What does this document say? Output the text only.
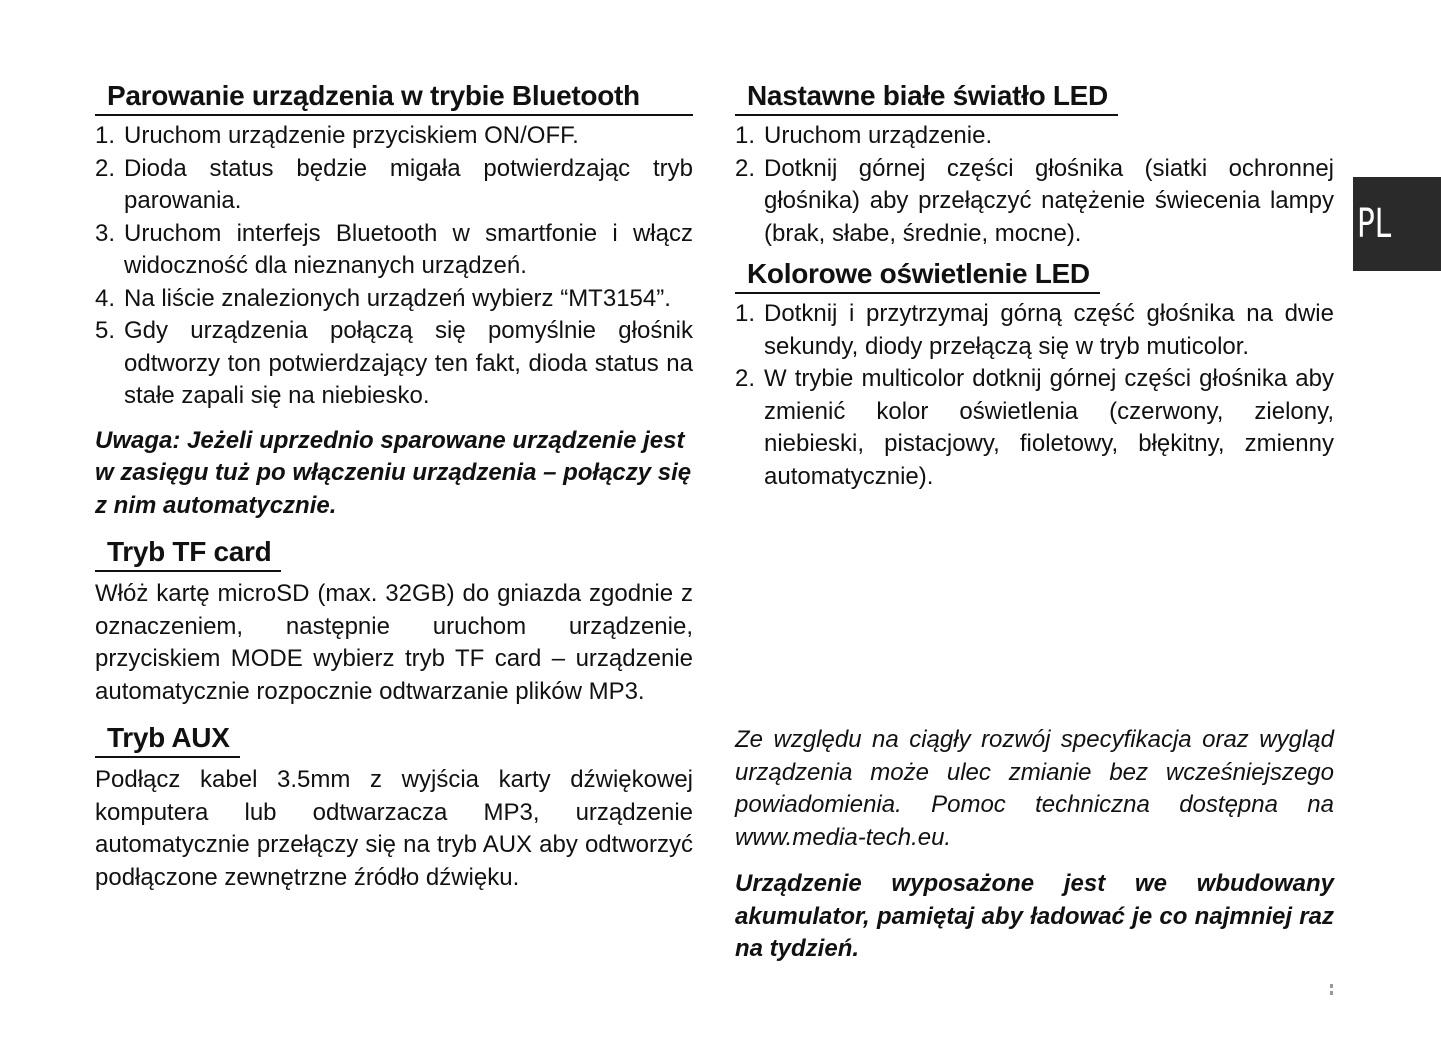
Parowanie urządzenia w trybie Bluetooth
1. Uruchom urządzenie przyciskiem ON/OFF.
2. Dioda status będzie migała potwierdzając tryb parowania.
3. Uruchom interfejs Bluetooth w smartfonie i włącz widoczność dla nieznanych urządzeń.
4. Na liście znalezionych urządzeń wybierz “MT3154”.
5. Gdy urządzenia połączą się pomyślnie głośnik odtworzy ton potwierdzający ten fakt, dioda status na stałe zapali się na niebiesko.

Uwaga: Jeżeli uprzednio sparowane urządzenie jest w zasięgu tuż po włączeniu urządzenia – połączy się z nim automatycznie.

Tryb TF card

Włóż kartę microSD (max. 32GB) do gniazda zgodnie z oznaczeniem, następnie uruchom urządzenie, przyciskiem MODE wybierz tryb TF card – urządzenie automatycznie rozpocznie odtwarzanie plików MP3.

Tryb AUX

Podłącz kabel 3.5mm z wyjścia karty dźwiękowej komputera lub odtwarzacza MP3, urządzenie automatycznie przełączy się na tryb AUX aby odtworzyć podłączone zewnętrzne źródło dźwięku.

Nastawne białe światło LED
1. Uruchom urządzenie.
2. Dotknij górnej części głośnika (siatki ochronnej głośnika) aby przełączyć natężenie świecenia lampy (brak, słabe, średnie, mocne).
Kolorowe oświetlenie LED
1. Dotknij i przytrzymaj górną część głośnika na dwie sekundy, diody przełączą się w tryb muticolor.
2. W trybie multicolor dotknij górnej części głośnika aby zmienić kolor oświetlenia (czerwony, zielony, niebieski, pistacjowy, fioletowy, błękitny, zmienny automatycznie).

Ze względu na ciągły rozwój specyfikacja oraz wygląd urządzenia może ulec zmianie bez wcześniejszego powiadomienia. Pomoc techniczna dostępna na www.media-tech.eu.

Urządzenie wyposażone jest we wbudowany akumulator, pamiętaj aby ładować je co najmniej raz na tydzień.

PL
